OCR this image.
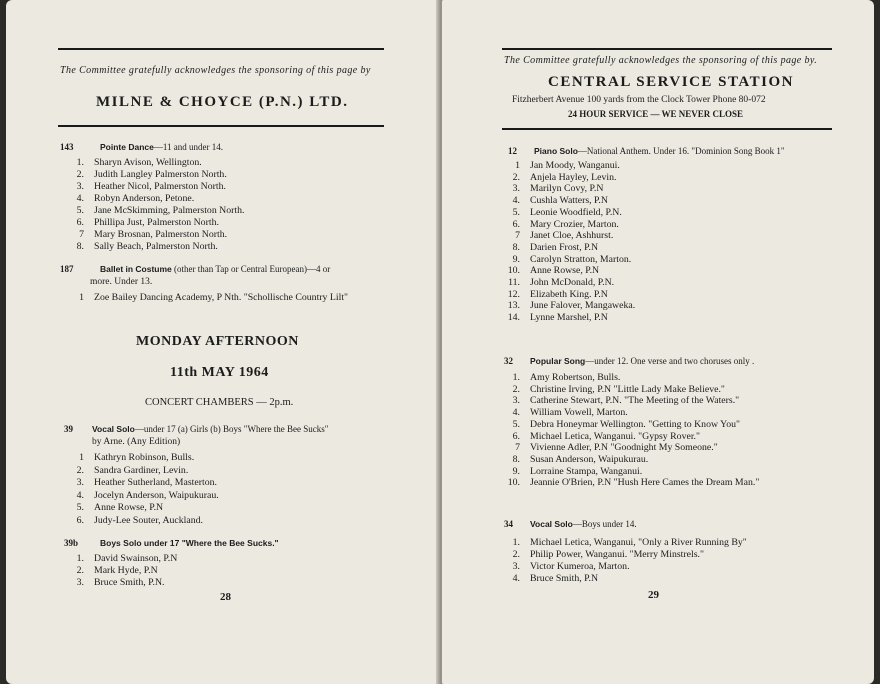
The Committee gratefully acknowledges the sponsoring of this page by
MILNE & CHOYCE (P.N.) LTD.
143	Pointe Dance—11 and under 14.
1. Sharyn Avison, Wellington.
2. Judith Langley Palmerston North.
3. Heather Nicol, Palmerston North.
4. Robyn Anderson, Petone.
5. Jane McSkimming, Palmerston North.
6. Phillipa Just, Palmerston North.
7 Mary Brosnan, Palmerston North.
8. Sally Beach, Palmerston North.
187	Ballet in Costume (other than Tap or Central European)—4 or
more. Under 13.
1 Zoe Bailey Dancing Academy, P Nth. "Schollische Country Lilt"
MONDAY AFTERNOON
11th MAY 1964
CONCERT CHAMBERS — 2p.m.
39 Vocal Solo—under 17 (a) Girls (b) Boys "Where the Bee Sucks"
by Arne. (Any Edition)
1 Kathryn Robinson, Bulls.
2. Sandra Gardiner, Levin.
3. Heather Sutherland, Masterton.
4. Jocelyn Anderson, Waipukurau.
5. Anne Rowse, P.N
6. Judy-Lee Souter, Auckland.
39b	Boys Solo under 17 "Where the Bee Sucks."
1. David Swainson, P.N
2. Mark Hyde, P.N
3. Bruce Smith, P.N.
28
The Committee gratefully acknowledges the sponsoring of this page by.
CENTRAL SERVICE STATION
Fitzherbert Avenue 100 yards from the Clock Tower Phone 80-072
24 HOUR SERVICE — WE NEVER CLOSE
12 Piano Solo—National Anthem. Under 16. "Dominion Song Book 1"
1 Jan Moody, Wanganui.
2. Anjela Hayley, Levin.
3. Marilyn Covy, P.N
4. Cushla Watters, P.N
5. Leonie Woodfield, P.N.
6. Mary Crozier, Marton.
7 Janet Cloe, Ashhurst.
8. Darien Frost, P.N
9. Carolyn Stratton, Marton.
10. Anne Rowse, P.N
11. John McDonald, P.N.
12. Elizabeth King. P.N
13. June Falover, Mangaweka.
14. Lynne Marshel, P.N
32 Popular Song—under 12. One verse and two choruses only .
1. Amy Robertson, Bulls.
2. Christine Irving, P.N "Little Lady Make Believe."
3. Catherine Stewart, P.N. "The Meeting of the Waters."
4. William Vowell, Marton.
5. Debra Honeymar Wellington. "Getting to Know You"
6. Michael Letica, Wanganui. "Gypsy Rover."
7 Vivienne Adler, P.N "Goodnight My Someone."
8. Susan Anderson, Waipukurau.
9. Lorraine Stampa, Wanganui.
10. Jeannie O'Brien, P.N "Hush Here Cames the Dream Man."
34 Vocal Solo—Boys under 14.
1. Michael Letica, Wanganui, "Only a River Running By"
2. Philip Power, Wanganui. "Merry Minstrels."
3. Victor Kumeroa, Marton.
4. Bruce Smith, P.N
29
